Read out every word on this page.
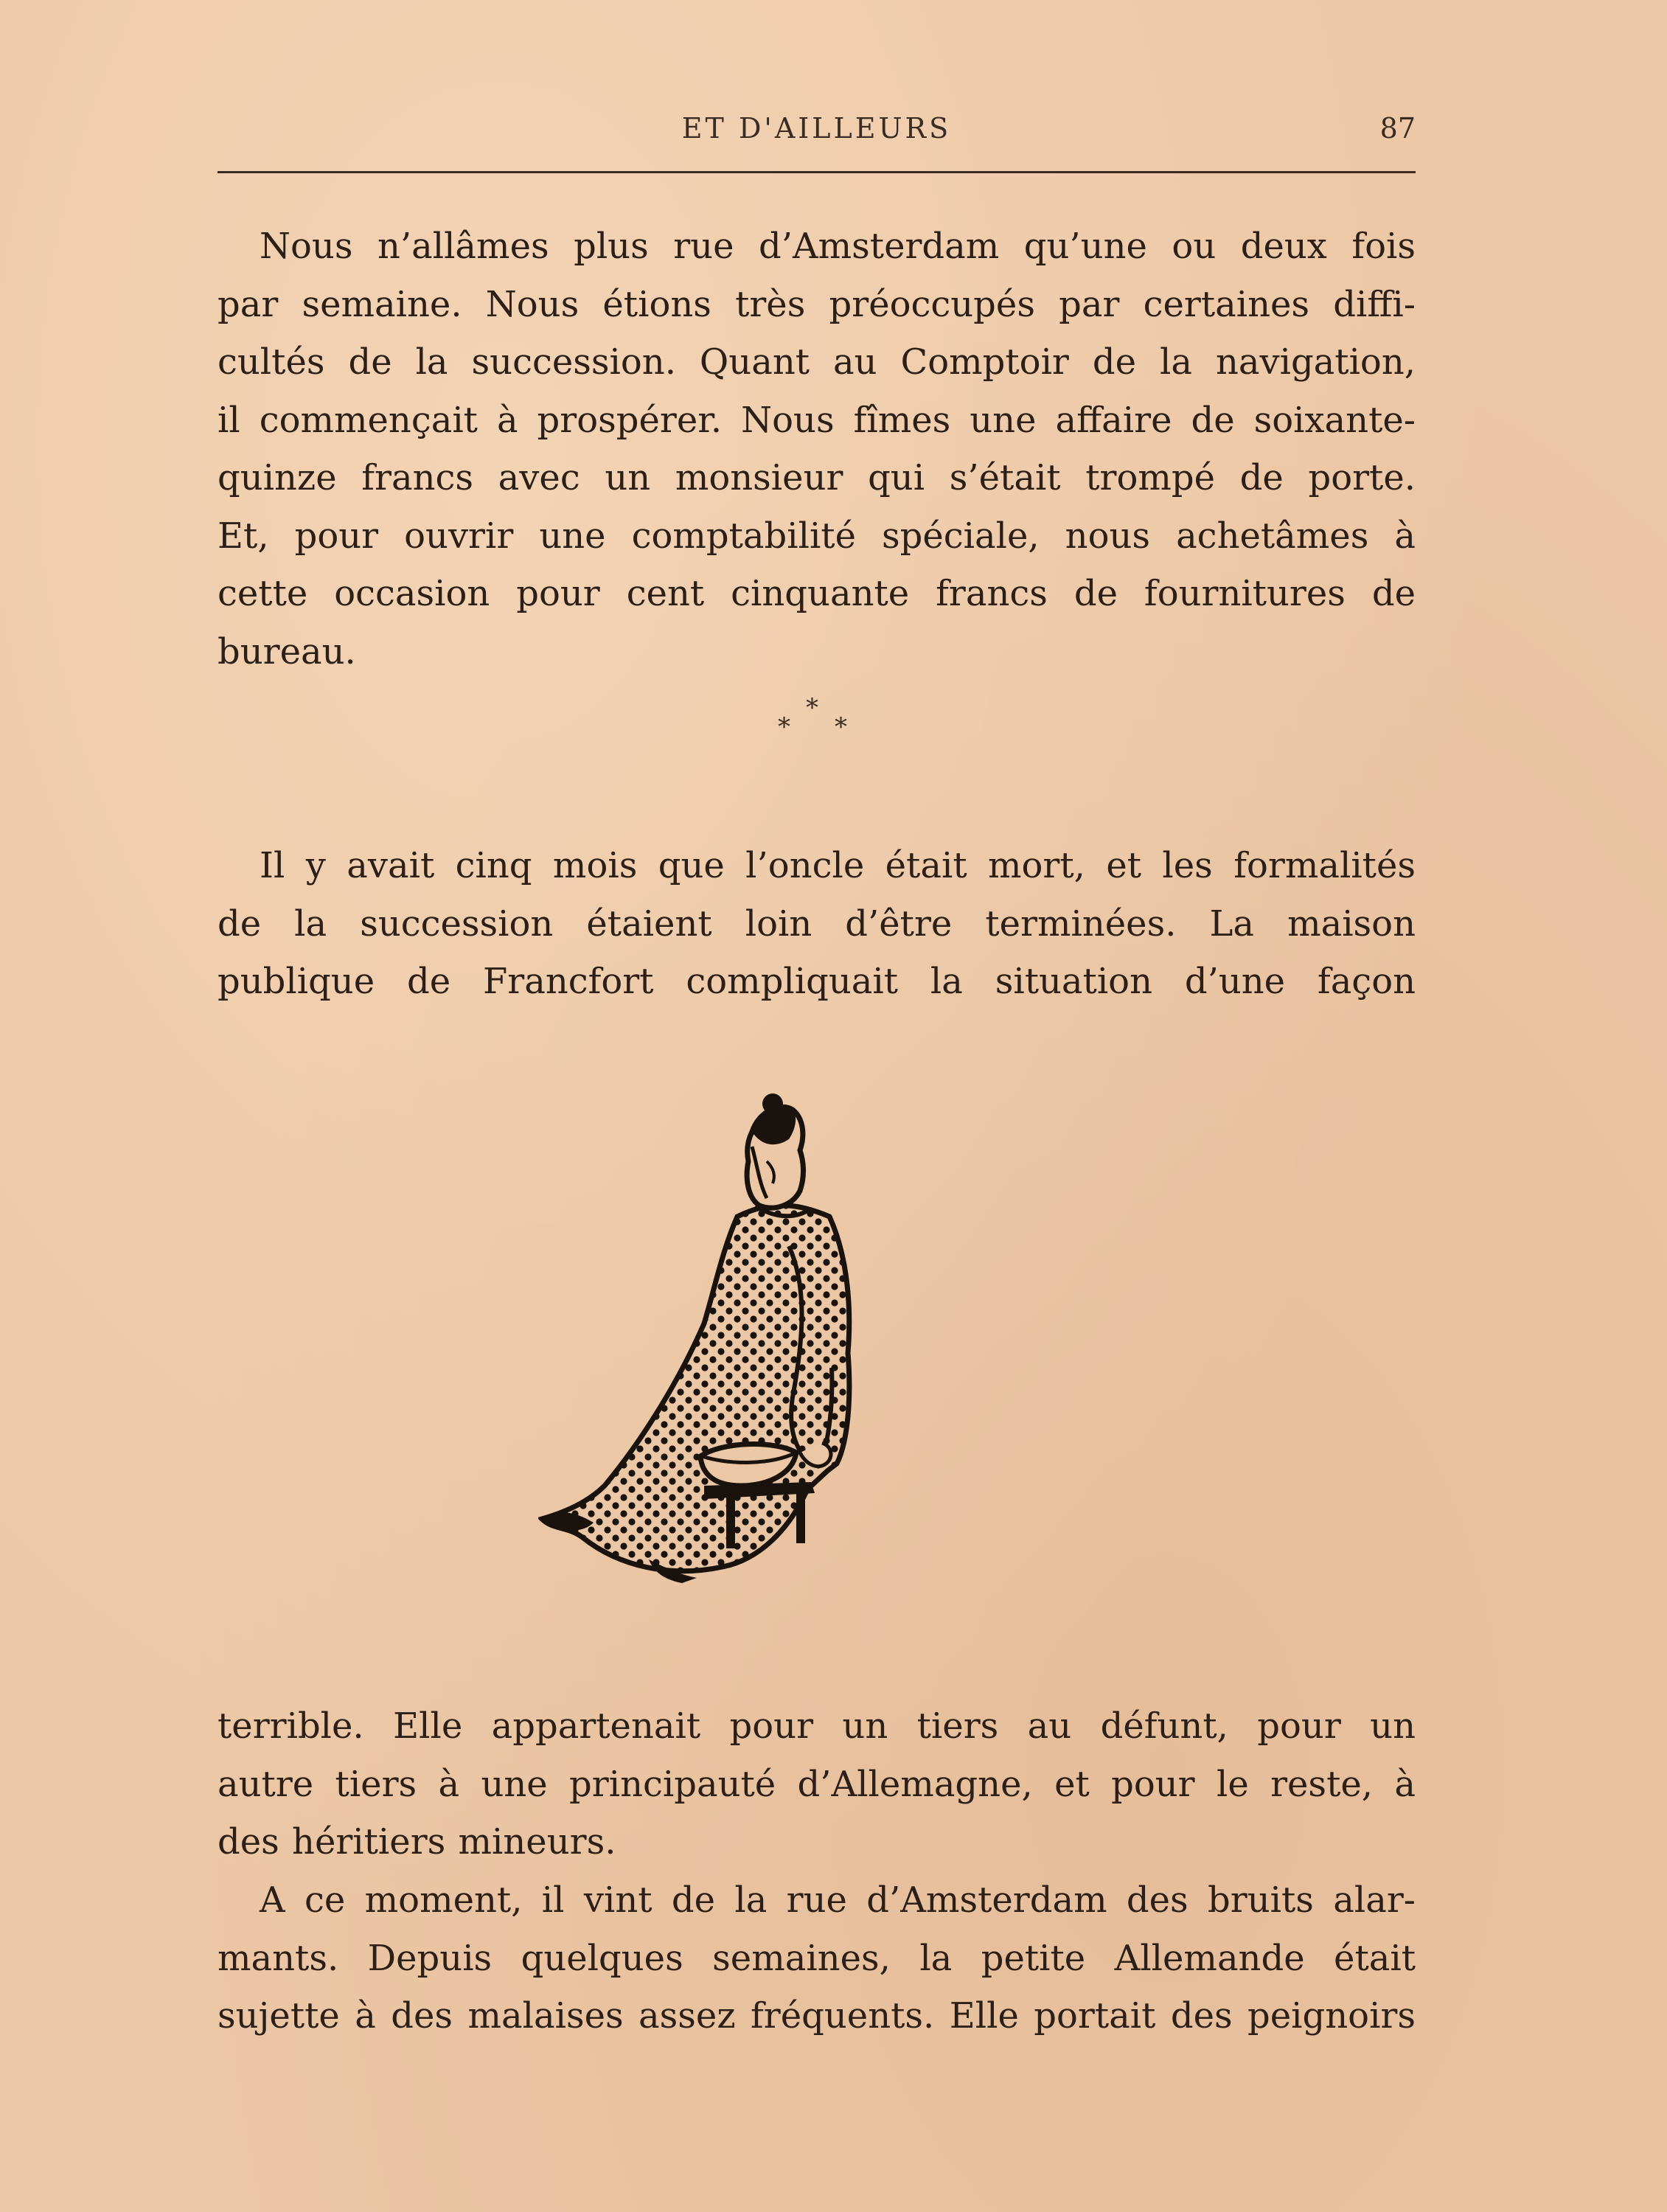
ET D'AILLEURS	87

Nous n’allâmes plus rue d’Amsterdam qu’une ou deux fois
par semaine. Nous étions très préoccupés par certaines diffi-
cultés de la succession. Quant au Comptoir de la navigation,
il commençait à prospérer. Nous fîmes une affaire de soixante-
quinze francs avec un monsieur qui s’était trompé de porte.
Et, pour ouvrir une comptabilité spéciale, nous achetâmes à
cette occasion pour cent cinquante francs de fournitures de
bureau.

*
* *

Il y avait cinq mois que l’oncle était mort, et les formalités
de la succession étaient loin d’être terminées. La maison
publique de Francfort compliquait la situation d’une façon

terrible. Elle appartenait pour un tiers au défunt, pour un
autre tiers à une principauté d’Allemagne, et pour le reste, à
des héritiers mineurs.

A ce moment, il vint de la rue d’Amsterdam des bruits alar-
mants. Depuis quelques semaines, la petite Allemande était
sujette à des malaises assez fréquents. Elle portait des peignoirs
